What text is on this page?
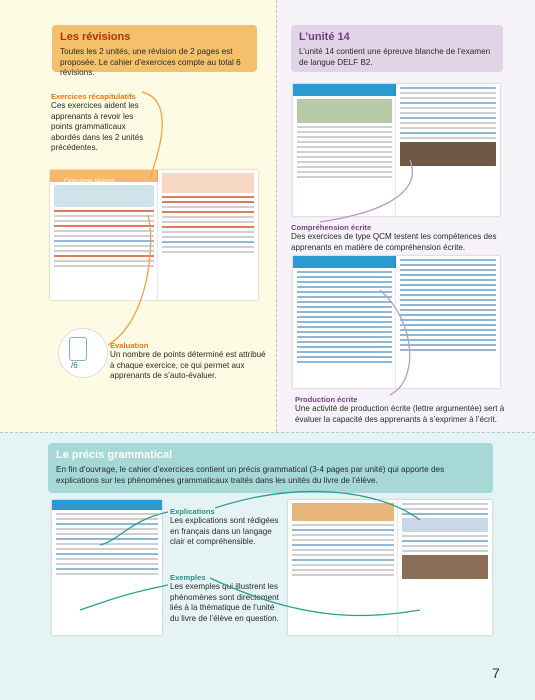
Les révisions

Toutes les 2 unités, une révision de 2 pages est proposée. Le cahier d’exercices compte au total 6 révisions.

Exercices récapitulatifs

Ces exercices aident les apprenants à revoir les points grammaticaux abordés dans les 2 unités précédentes.

Cinquième révision
/6
Évaluation

Un nombre de points déterminé est attribué à chaque exercice, ce qui permet aux apprenants de s’auto-évaluer.

L’unité 14

L’unité 14 contient une épreuve blanche de l’examen de langue DELF B2.

Compréhension écrite

Des exercices de type QCM testent les compétences des apprenants en matière de compréhension écrite.

Production écrite

Une activité de production écrite (lettre argumentée) sert à évaluer la capacité des apprenants à s’exprimer à l’écrit.

Le précis grammatical

En fin d’ouvrage, le cahier d’exercices contient un précis grammatical (3-4 pages par unité) qui apporte des explications sur les phénomènes grammaticaux traités dans les unités du livre de l’élève.

Explications

Les explications sont rédigées en français dans un langage clair et compréhensible.

Exemples

Les exemples qui illustrent les phénomènes sont directement liés à la thématique de l’unité du livre de l’élève en question.

7
